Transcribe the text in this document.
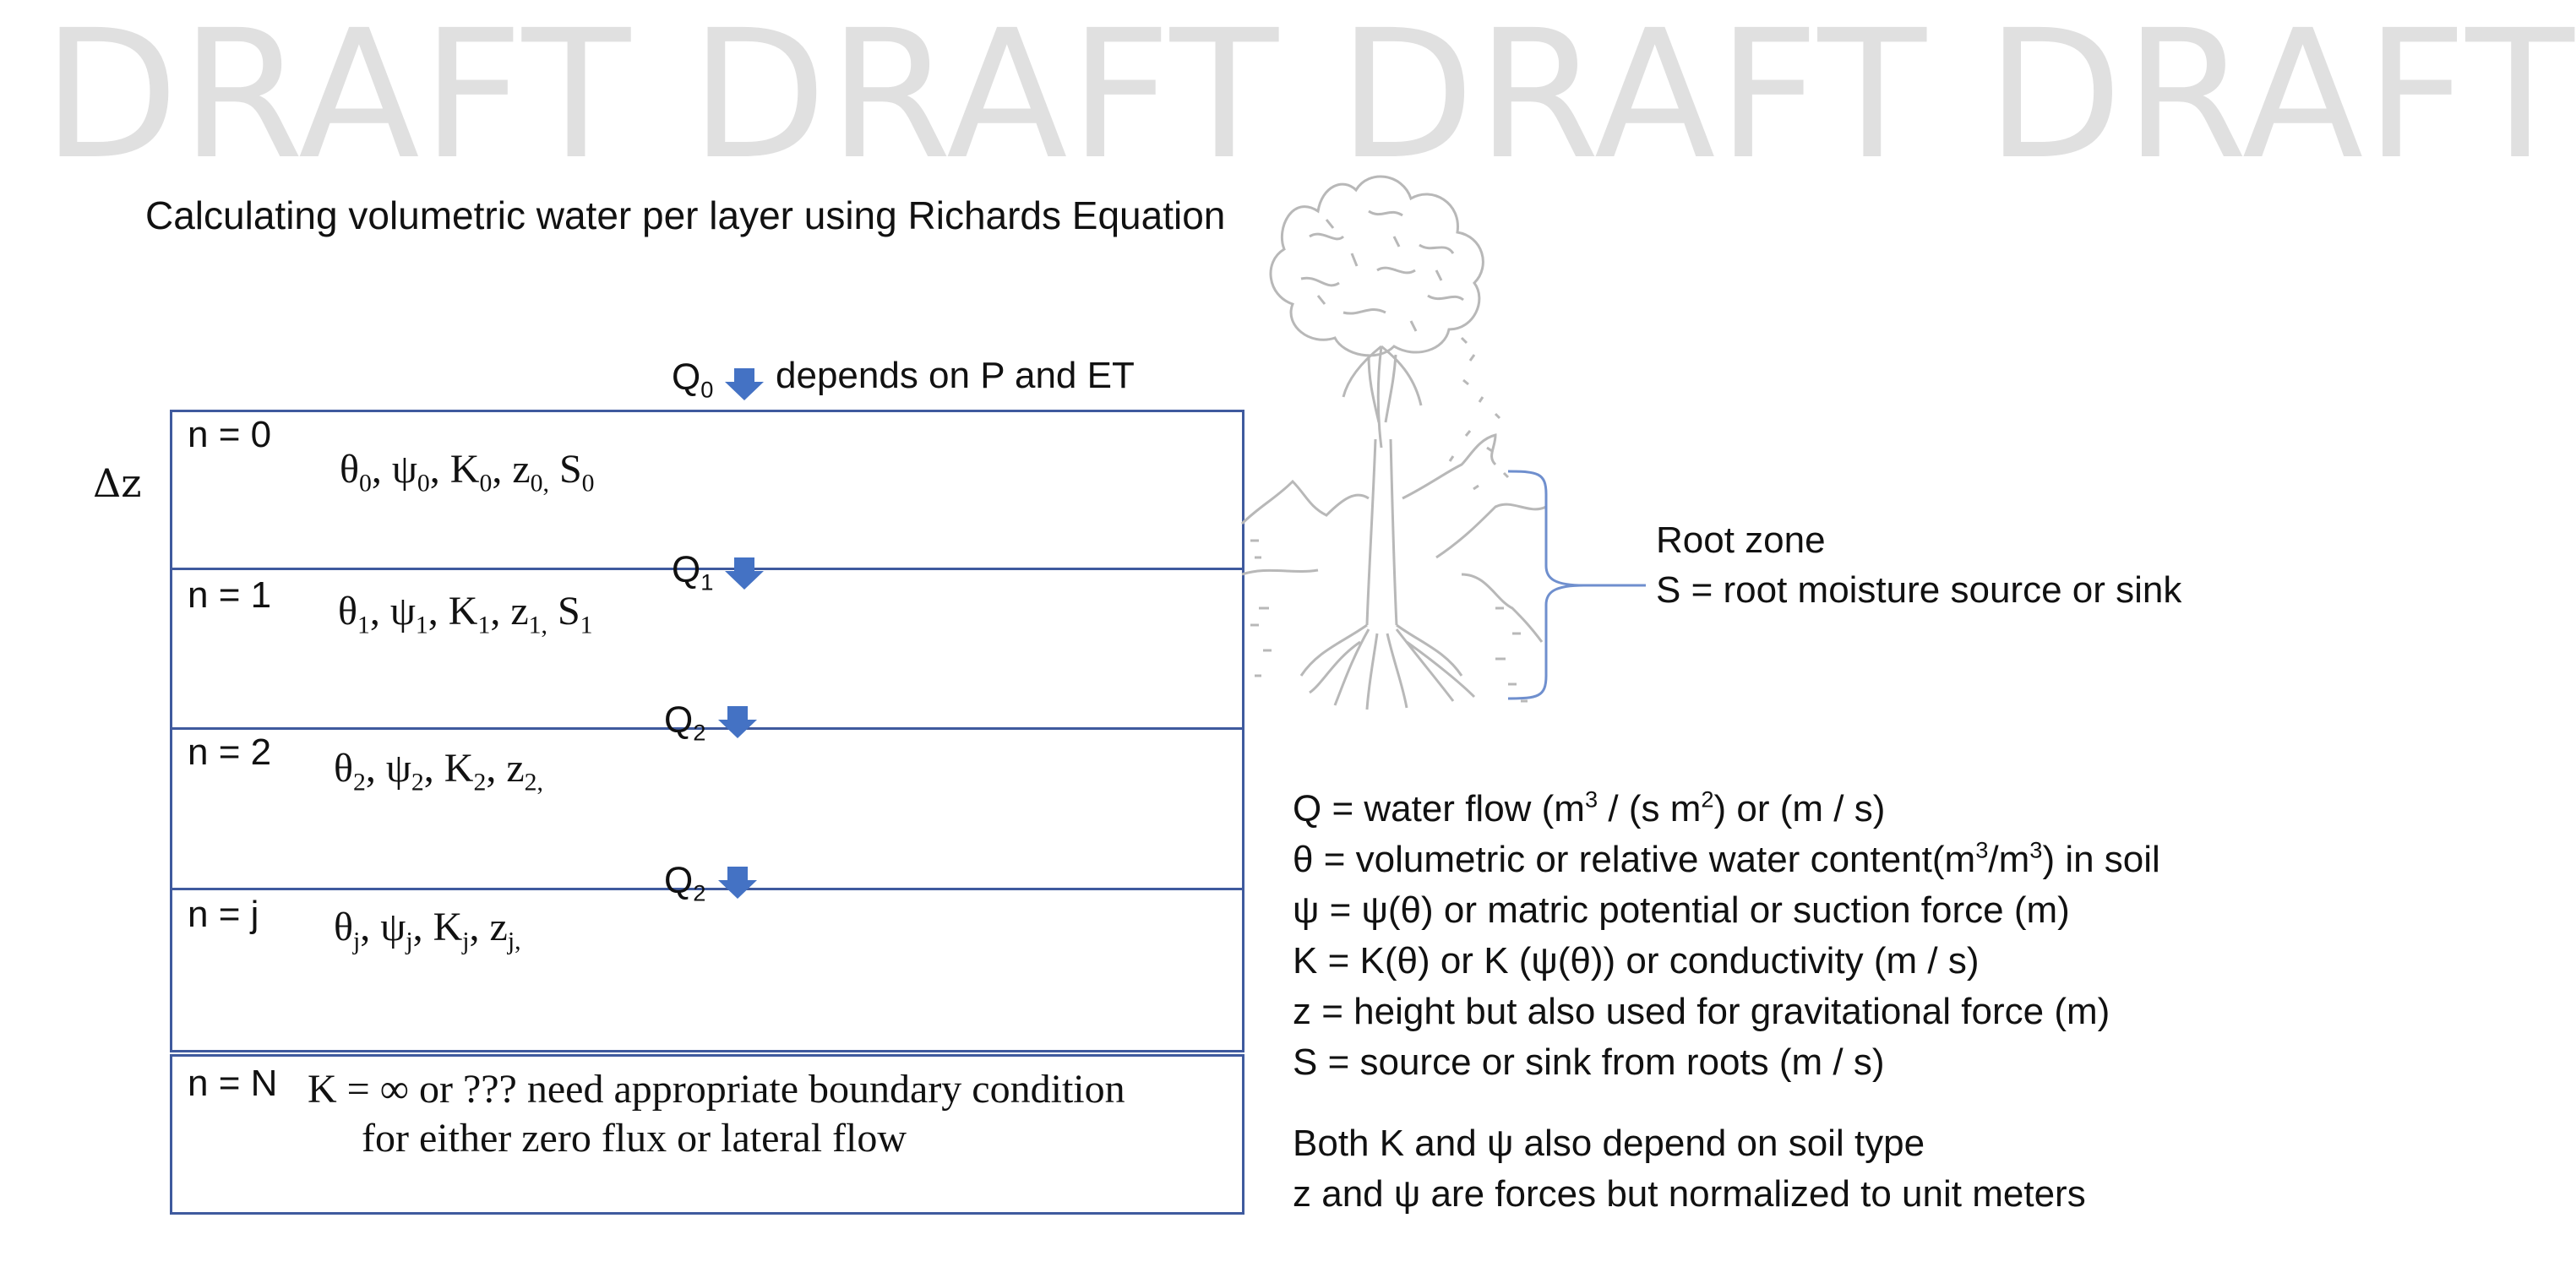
DRAFT DRAFT DRAFT DRAFT
Calculating volumetric water per layer using Richards Equation
Δz
$Q_0$ depends on P and ET
n = 0
$\theta_0$, $\psi_0$, $K_0$, $z_{0,}$ $S_0$
$Q_1$
n = 1 $\theta_1$, $\psi_1$, $K_1$, $z_{1,}$ $S_1$
$Q_2$
n = 2 $\theta_2$, $\psi_2$, $K_2$, $z_{2,}$
$Q_2$
n = j $\theta_j$, $\psi_j$, $K_j$, $z_{j,}$
n = N K = ∞ or ??? need appropriate boundary condition
for either zero flux or lateral flow
Root zone
S = root moisture source or sink
Q = water flow ($m^3 / (s$ $m^2$) or (m / s)
θ = volumetric or relative water $content(m^3/m^3)$ in soil
ψ = ψ(θ) or matric potential or suction force (m)
K = K(θ) or K (ψ(θ)) or conductivity (m / s)
z = height but also used for gravitational force (m)
S = source or sink from roots (m / s)
Both K and ψ also depend on soil type
z and ψ are forces but normalized to unit meters
